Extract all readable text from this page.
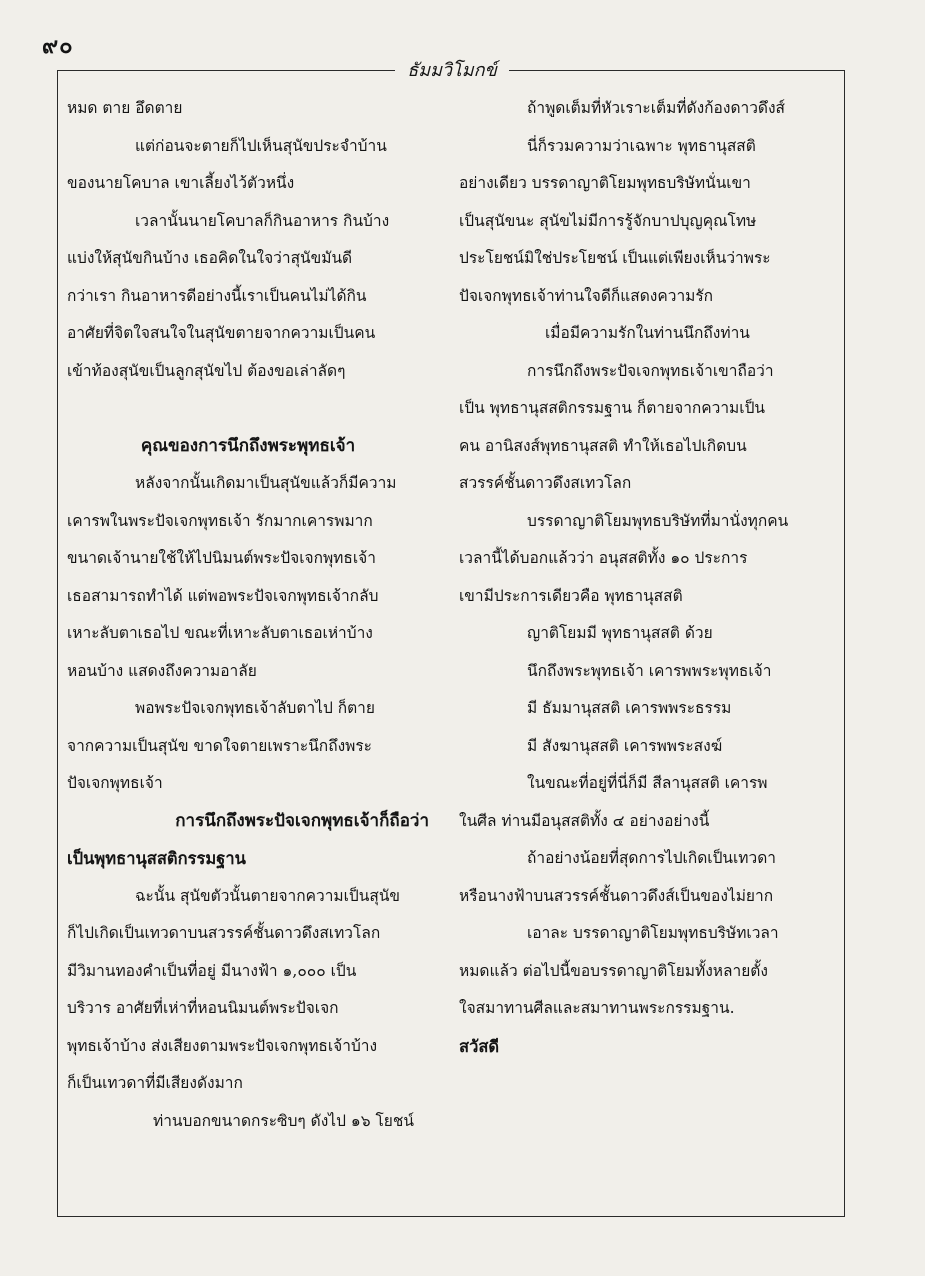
๙๐
ธัมมวิโมกข์
หมด ตาย อึดตาย
แต่ก่อนจะตายก็ไปเห็นสุนัขประจำบ้าน
ของนายโคบาล เขาเลี้ยงไว้ตัวหนึ่ง
เวลานั้นนายโคบาลก็กินอาหาร กินบ้าง
แบ่งให้สุนัขกินบ้าง เธอคิดในใจว่าสุนัขมันดี
กว่าเรา กินอาหารดีอย่างนี้เราเป็นคนไม่ได้กิน
อาศัยที่จิตใจสนใจในสุนัขตายจากความเป็นคน
เข้าท้องสุนัขเป็นลูกสุนัขไป ต้องขอเล่าลัดๆ
คุณของการนึกถึงพระพุทธเจ้า
หลังจากนั้นเกิดมาเป็นสุนัขแล้วก็มีความ
เคารพในพระปัจเจกพุทธเจ้า รักมากเคารพมาก
ขนาดเจ้านายใช้ให้ไปนิมนต์พระปัจเจกพุทธเจ้า
เธอสามารถทำได้ แต่พอพระปัจเจกพุทธเจ้ากลับ
เหาะลับตาเธอไป ขณะที่เหาะลับตาเธอเห่าบ้าง
หอนบ้าง แสดงถึงความอาลัย
พอพระปัจเจกพุทธเจ้าลับตาไป ก็ตาย
จากความเป็นสุนัข ขาดใจตายเพราะนึกถึงพระ
ปัจเจกพุทธเจ้า
การนึกถึงพระปัจเจกพุทธเจ้าก็ถือว่า
เป็นพุทธานุสสติกรรมฐาน
ฉะนั้น สุนัขตัวนั้นตายจากความเป็นสุนัข
ก็ไปเกิดเป็นเทวดาบนสวรรค์ชั้นดาวดึงสเทวโลก
มีวิมานทองคำเป็นที่อยู่ มีนางฟ้า ๑,๐๐๐ เป็น
บริวาร อาศัยที่เห่าที่หอนนิมนต์พระปัจเจก
พุทธเจ้าบ้าง ส่งเสียงตามพระปัจเจกพุทธเจ้าบ้าง
ก็เป็นเทวดาที่มีเสียงดังมาก
ท่านบอกขนาดกระซิบๆ ดังไป ๑๖ โยชน์
ถ้าพูดเต็มที่หัวเราะเต็มที่ดังก้องดาวดึงส์
นี่ก็รวมความว่าเฉพาะ พุทธานุสสติ
อย่างเดียว บรรดาญาติโยมพุทธบริษัทนั่นเขา
เป็นสุนัขนะ สุนัขไม่มีการรู้จักบาปบุญคุณโทษ
ประโยชน์มิใช่ประโยชน์ เป็นแต่เพียงเห็นว่าพระ
ปัจเจกพุทธเจ้าท่านใจดีก็แสดงความรัก
เมื่อมีความรักในท่านนึกถึงท่าน
การนึกถึงพระปัจเจกพุทธเจ้าเขาถือว่า
เป็น พุทธานุสสติกรรมฐาน ก็ตายจากความเป็น
คน อานิสงส์พุทธานุสสติ ทำให้เธอไปเกิดบน
สวรรค์ชั้นดาวดึงสเทวโลก
บรรดาญาติโยมพุทธบริษัทที่มานั่งทุกคน
เวลานี้ได้บอกแล้วว่า อนุสสติทั้ง ๑๐ ประการ
เขามีประการเดียวคือ พุทธานุสสติ
ญาติโยมมี พุทธานุสสติ ด้วย
นึกถึงพระพุทธเจ้า เคารพพระพุทธเจ้า
มี ธัมมานุสสติ เคารพพระธรรม
มี สังฆานุสสติ เคารพพระสงฆ์
ในขณะที่อยู่ที่นี่ก็มี สีลานุสสติ เคารพ
ในศีล ท่านมีอนุสสติทั้ง ๔ อย่างอย่างนี้
ถ้าอย่างน้อยที่สุดการไปเกิดเป็นเทวดา
หรือนางฟ้าบนสวรรค์ชั้นดาวดึงส์เป็นของไม่ยาก
เอาละ บรรดาญาติโยมพุทธบริษัทเวลา
หมดแล้ว ต่อไปนี้ขอบรรดาญาติโยมทั้งหลายตั้ง
ใจสมาทานศีลและสมาทานพระกรรมฐาน.
สวัสดี
